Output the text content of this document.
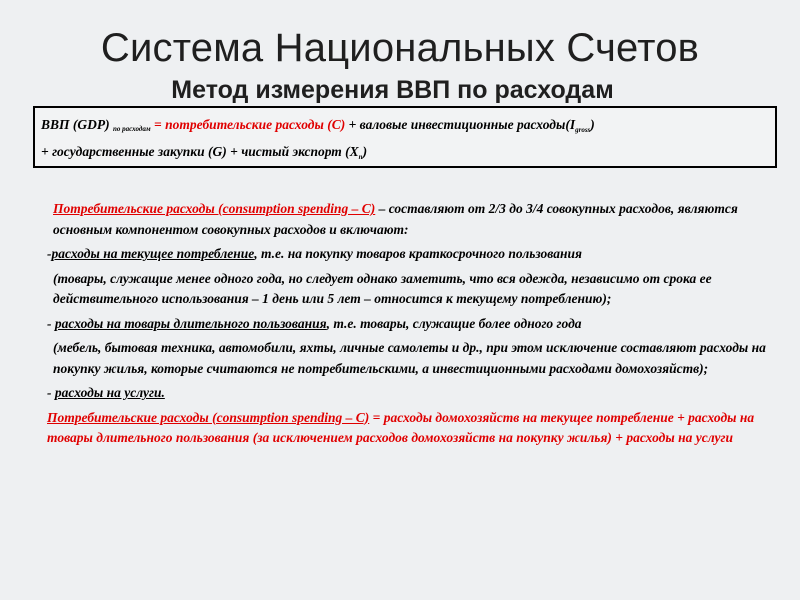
Система Национальных Счетов
Метод измерения ВВП по расходам
ВВП (GDP) $_{по расходам}$ = потребительские расходы (C) + валовые инвестиционные $расходы(I_{gross})$
+ государственные закупки (G) + чистый экспорт $(X_n)$

Потребительские расходы (consumption spending – C) – составляют от 2/3 до 3/4 совокупных расходов, являются основным компонентом совокупных расходов и включают:

-расходы на текущее потребление, т.е. на покупку товаров краткосрочного пользования

(товары, служащие менее одного года, но следует однако заметить, что вся одежда, независимо от срока ее действительного использования – 1 день или 5 лет – относится к текущему потреблению);

- расходы на товары длительного пользования, т.е. товары, служащие более одного года

(мебель, бытовая техника, автомобили, яхты, личные самолеты и др., при этом исключение составляют расходы на покупку жилья, которые считаются не потребительскими, а инвестиционными расходами домохозяйств);

- расходы на услуги.

Потребительские расходы (consumption spending – C) = расходы домохозяйств на текущее потребление + расходы на товары длительного пользования (за исключением расходов домохозяйств на покупку жилья) + расходы на услуги
